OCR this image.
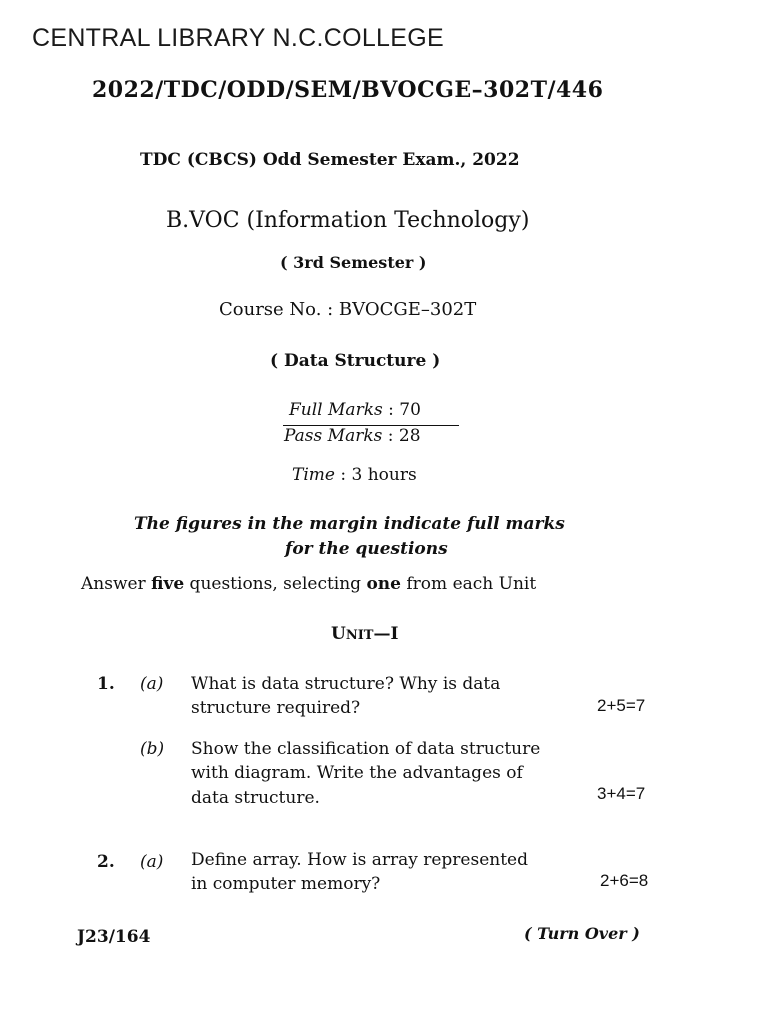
CENTRAL LIBRARY N.C.COLLEGE
2022/TDC/ODD/SEM/BVOCGE–302T/446
TDC (CBCS) Odd Semester Exam., 2022
B.VOC (Information Technology)
( 3rd Semester )
Course No. : BVOCGE–302T
( Data Structure )
Full Marks : 70
Pass Marks : 28
Time : 3 hours
The figures in the margin indicate full marks
for the questions
Answer five questions, selecting one from each Unit
UNIT—I
1. (a) What is data structure? Why is data
structure required?	2+5=7
(b) Show the classification of data structure
with diagram. Write the advantages of
data structure.	3+4=7
2. (a) Define array. How is array represented
in computer memory?	2+6=8
J23/164	( Turn Over )
